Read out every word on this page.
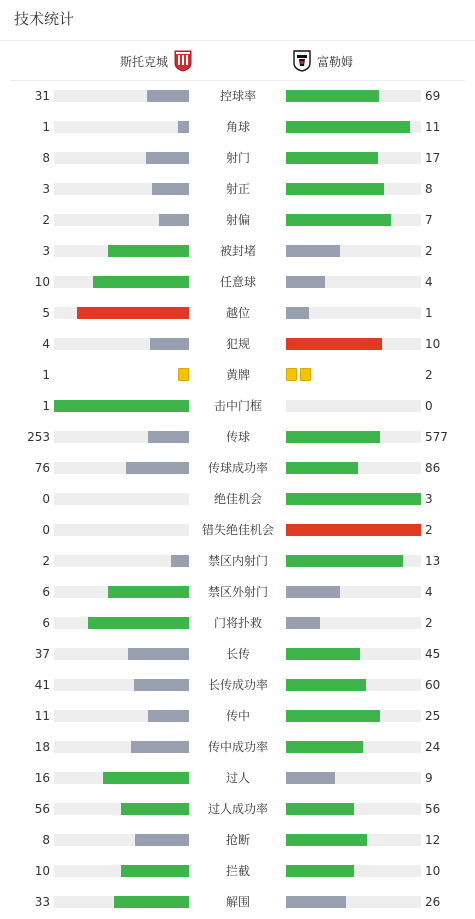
技术统计
斯托克城	富勒姆
31	控球率	69
1	角球	11
8	射门	17
3	射正	8
2	射偏	7
3	被封堵	2
10	任意球	4
5	越位	1
4	犯规	10
1	黄牌	2
1	击中门框	0
253	传球	577
76	传球成功率	86
0	绝佳机会	3
0	错失绝佳机会	2
2	禁区内射门	13
6	禁区外射门	4
6	门将扑救	2
37	长传	45
41	长传成功率	60
11	传中	25
18	传中成功率	24
16	过人	9
56	过人成功率	56
8	抢断	12
10	拦截	10
33	解围	26
